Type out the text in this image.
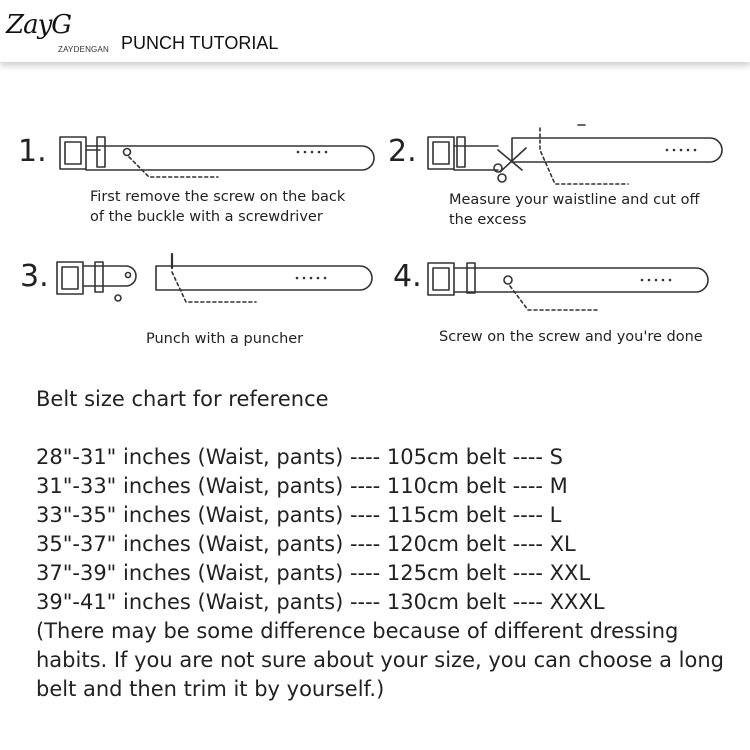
ZayG
ZAYDENGAN PUNCH TUTORIAL
1.	2.
3.	4.
First remove the screw on the back
of the buckle with a screwdriver
Measure your waistline and cut off
the excess
Punch with a puncher	Screw on the screw and you're done
Belt size chart for reference
28"-31" inches (Waist, pants) ---- 105cm belt ---- S
31"-33" inches (Waist, pants) ---- 110cm belt ---- M
33"-35" inches (Waist, pants) ---- 115cm belt ---- L
35"-37" inches (Waist, pants) ---- 120cm belt ---- XL
37"-39" inches (Waist, pants) ---- 125cm belt ---- XXL
39"-41" inches (Waist, pants) ---- 130cm belt ---- XXXL
(There may be some difference because of different dressing habits. If you are not sure about your size, you can choose a long belt and then trim it by yourself.)
